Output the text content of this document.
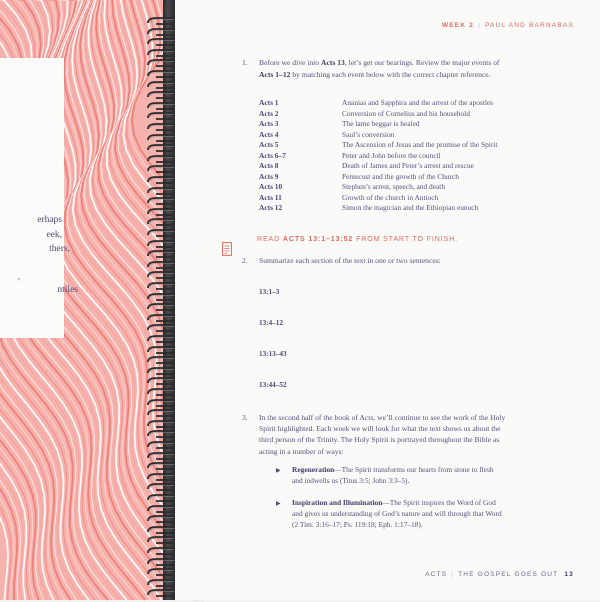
erhaps
eek,
thers,
,
ntiles
WEEK 2 | PAUL AND BARNABAS
1. Before we dive into Acts 13, let’s get our bearings. Review the major events of
Acts 1–12 by matching each event below with the correct chapter reference.
Acts 1	Ananias and Sapphira and the arrest of the apostles
Acts 2	Conversion of Cornelius and his household
Acts 3	The lame beggar is healed
Acts 4	Saul’s conversion
Acts 5	The Ascension of Jesus and the promise of the Spirit
Acts 6–7	Peter and John before the council
Acts 8	Death of James and Peter’s arrest and rescue
Acts 9	Pentecost and the growth of the Church
Acts 10	Stephen’s arrest, speech, and death
Acts 11	Growth of the church in Antioch
Acts 12	Simon the magician and the Ethiopian eunuch
READ ACTS 13:1–13:52 FROM START TO FINISH.
2. Summarize each section of the text in one or two sentences:
13:1–3
13:4–12
13:13–43
13:44–52
3. In the second half of the book of Acts, we’ll continue to see the work of the Holy
Spirit highlighted. Each week we will look for what the text shows us about the
third person of the Trinity. The Holy Spirit is portrayed throughout the Bible as
acting in a number of ways:
▶ Regeneration—The Spirit transforms our hearts from stone to flesh
and indwells us (Titus 3:5; John 3:3–5).
▶ Inspiration and Illumination—The Spirit inspires the Word of God
and gives us understanding of God’s nature and will through that Word
(2 Tim. 3:16–17; Ps. 119:18; Eph. 1:17–18).
ACTS | THE GOSPEL GOES OUT 13
